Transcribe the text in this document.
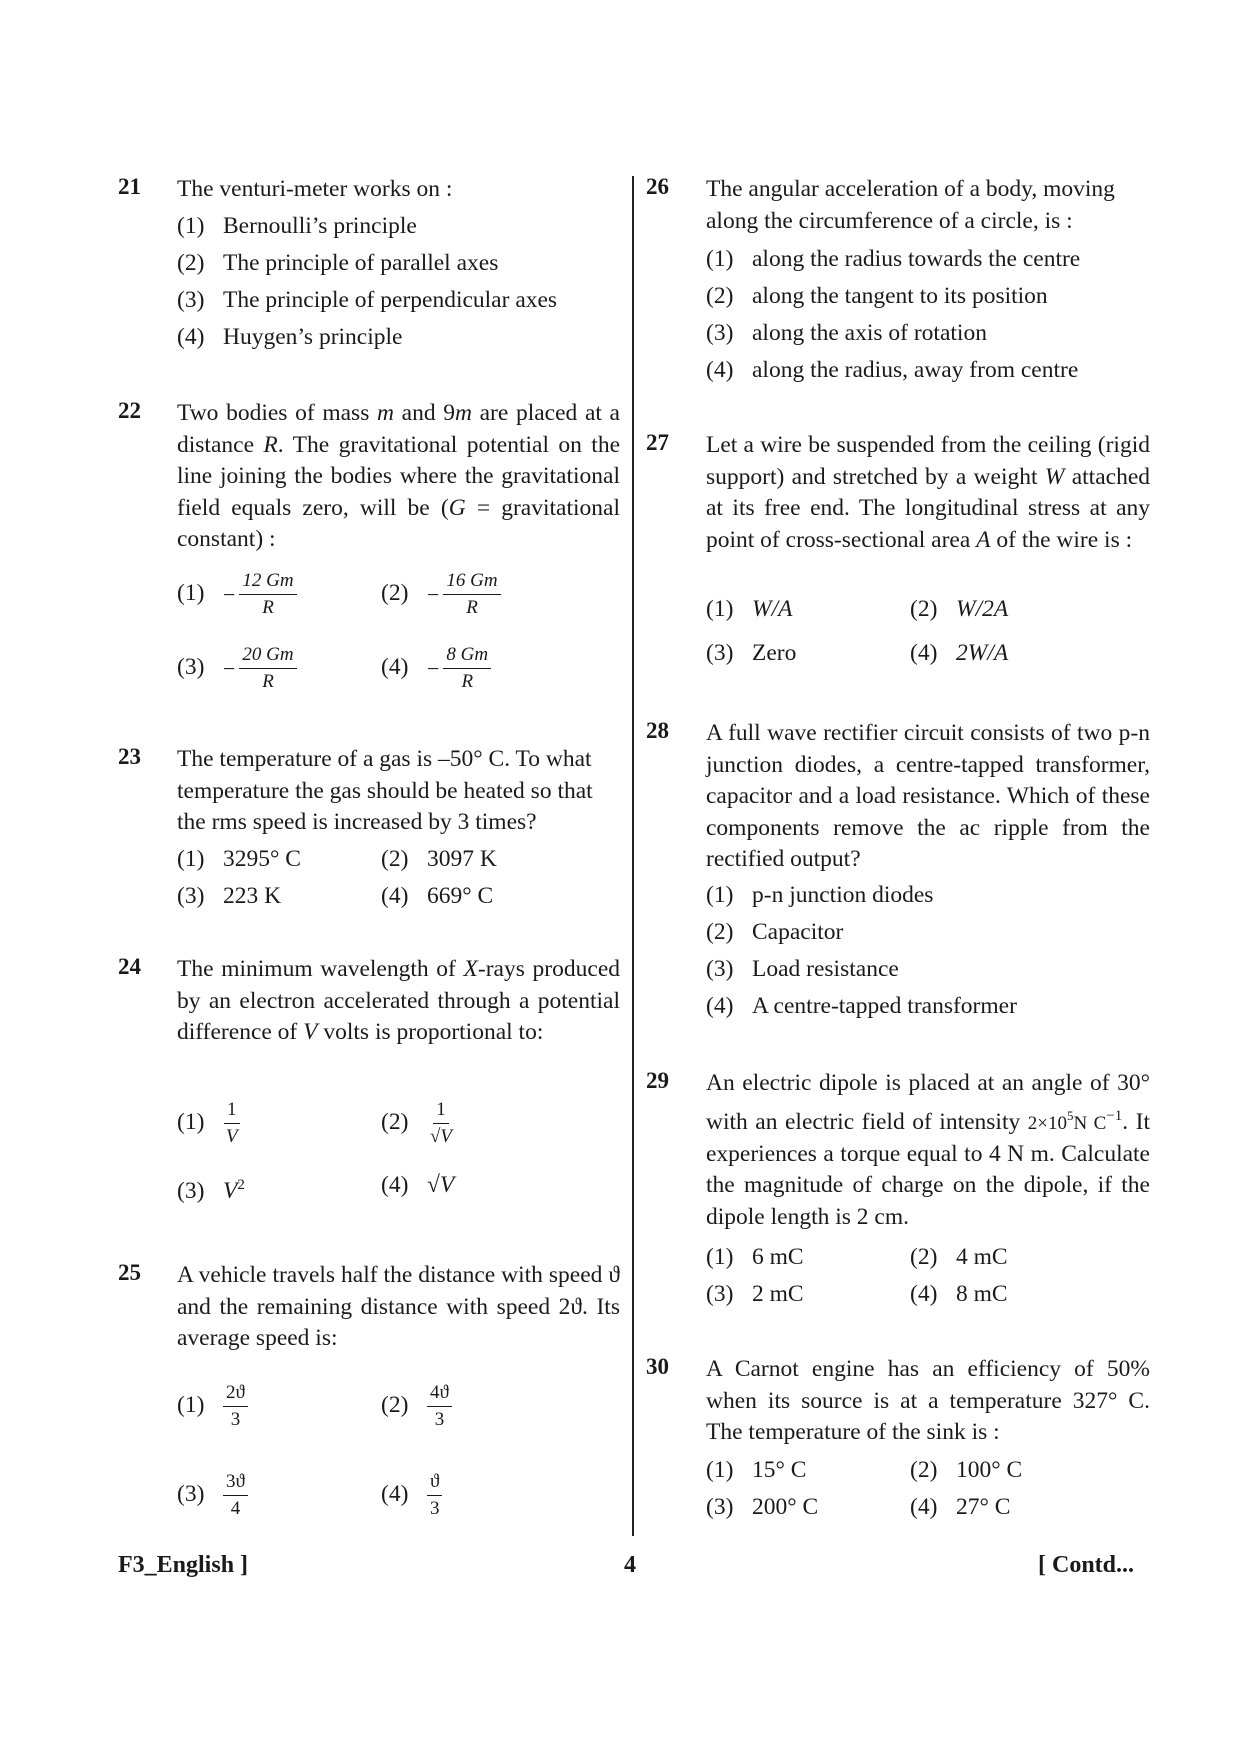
21 The venturi-meter works on :
(1) Bernoulli’s principle
(2) The principle of parallel axes
(3) The principle of perpendicular axes
(4) Huygen’s principle
22 Two bodies of mass m and 9m are placed at a distance R. The gravitational potential on the line joining the bodies where the gravitational field equals zero, will be (G = gravitational constant) :
$(1) - \frac{12 Gm}{R}$	$(2) - \frac{16 Gm}{R}$
$(3) - \frac{20 Gm}{R}$	$(4) - \frac{8 Gm}{R}$
23 The temperature of a gas is –50° C. To what temperature the gas should be heated so that the rms speed is increased by 3 times?
(1) 3295° C	(2) 3097 K
(3) 223 K	(4) 669° C
24 The minimum wavelength of X-rays produced by an electron accelerated through a potential difference of V volts is proportional to:
$(1) \frac{1}{V}$	$(2) \frac{1}{√V}$
(3) $V^2$	(4) √V
25 A vehicle travels half the distance with speed ϑ and the remaining distance with speed 2ϑ. Its average speed is:
$(1) \frac{2ϑ}{3}$	$(2) \frac{4ϑ}{3}$
$(3) \frac{3ϑ}{4}$	$(4) \frac{ϑ}{3}$
26 The angular acceleration of a body, moving along the circumference of a circle, is :
(1) along the radius towards the centre
(2) along the tangent to its position
(3) along the axis of rotation
(4) along the radius, away from centre
27 Let a wire be suspended from the ceiling (rigid support) and stretched by a weight W attached at its free end. The longitudinal stress at any point of cross-sectional area A of the wire is :
(1) W/A	(2) W/2A
(3) Zero	(4) 2W/A
28 A full wave rectifier circuit consists of two p-n junction diodes, a centre-tapped transformer, capacitor and a load resistance. Which of these components remove the ac ripple from the rectified output?
(1) p-n junction diodes
(2) Capacitor
(3) Load resistance
(4) A centre-tapped transformer
29 An electric dipole is placed at an angle of 30° with an electric field of intensity $2\times 10^5N$ $C^{-1}$. It experiences a torque equal to 4 N m. Calculate the magnitude of charge on the dipole, if the dipole length is 2 cm.
(1) 6 mC	(2) 4 mC
(3) 2 mC	(4) 8 mC
30 A Carnot engine has an efficiency of 50% when its source is at a temperature 327° C. The temperature of the sink is :
(1) 15° C	(2) 100° C
(3) 200° C	(4) 27° C
F3_English ]	4	[ Contd...
